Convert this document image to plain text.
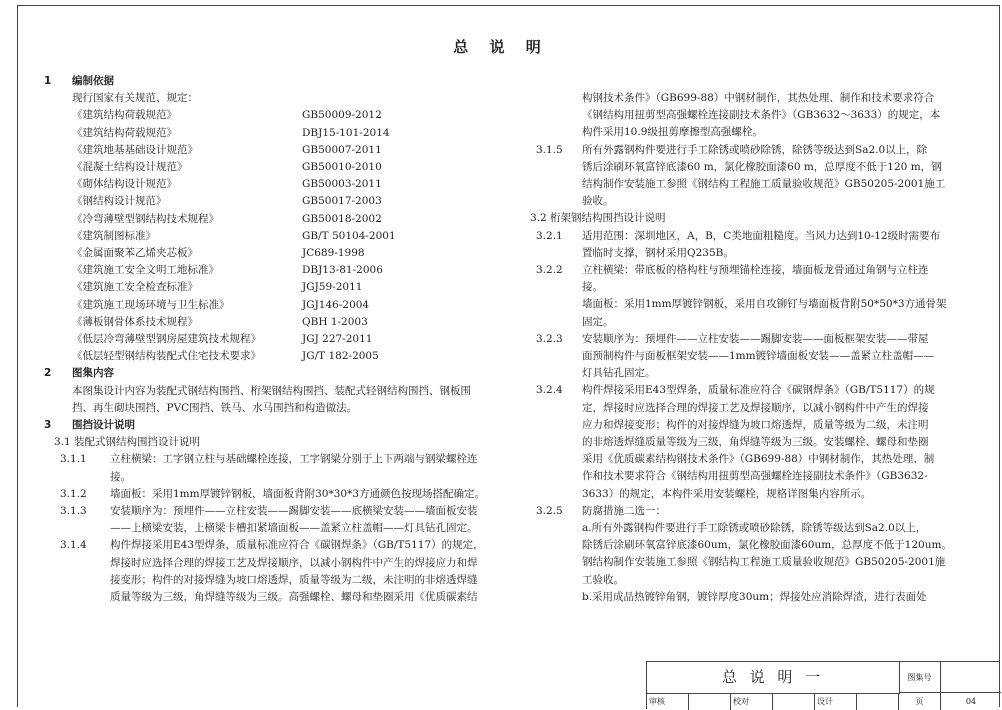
总 说 明
1	编制依据
现行国家有关规范、规定：
《建筑结构荷载规范》	GB50009-2012
《建筑结构荷载规范》	DBJ15-101-2014
《建筑地基基础设计规范》	GB50007-2011
《混凝土结构设计规范》	GB50010-2010
《砌体结构设计规范》	GB50003-2011
《钢结构设计规范》	GB50017-2003
《冷弯薄壁型钢结构技术规程》	GB50018-2002
《建筑制图标准》	GB/T 50104-2001
《金属面聚苯乙烯夹芯板》	JC689-1998
《建筑施工安全文明工地标准》	DBJ13-81-2006
《建筑施工安全检查标准》	JGJ59-2011
《建筑施工现场环境与卫生标准》	JGJ146-2004
《薄板钢骨体系技术规程》	QBH 1-2003
《低层冷弯薄壁型钢房屋建筑技术规程》	JGJ 227-2011
《低层轻型钢结构装配式住宅技术要求》	JG/T 182-2005
2	图集内容
本图集设计内容为装配式钢结构围挡、桁架钢结构围挡、装配式轻钢结构围挡、钢板围
挡、再生砌块围挡、PVC围挡、铁马、水马围挡和构造做法。
3	围挡设计说明
3.1 装配式钢结构围挡设计说明
3.1.1	立柱横梁：工字钢立柱与基础螺栓连接，工字钢梁分别于上下两端与钢梁螺栓连
接。
3.1.2	墙面板：采用1mm厚镀锌钢板，墙面板背附30*30*3方通颜色按现场搭配确定。
3.1.3	安装顺序为：预埋件——立柱安装——踢脚安装——底横梁安装——墙面板安装
——上横梁安装，上横梁卡槽扣紧墙面板——盖紧立柱盖帽——灯具钻孔固定。
3.1.4	构件焊接采用E43型焊条，质量标准应符合《碳钢焊条》（GB/T5117）的规定，
焊接时应选择合理的焊接工艺及焊接顺序，以减小钢构件中产生的焊接应力和焊
接变形；构件的对接焊缝为坡口熔透焊，质量等级为二级，未注明的非熔透焊缝
质量等级为三级，角焊缝等级为三级。高强螺栓、螺母和垫圈采用《优质碳素结
构钢技术条件》（GB699-88）中钢材制作，其热处理、制作和技术要求符合
《钢结构用扭剪型高强螺栓连接副技术条件》（GB3632～3633）的规定，本
构件采用10.9级扭剪摩擦型高强螺栓。
3.1.5	所有外露钢构件要进行手工除锈或喷砂除锈，除锈等级达到Sa2.0以上，除
锈后涂刷环氧富锌底漆60 m，氯化橡胶面漆60 m，总厚度不低于120 m，钢
结构制作安装施工参照《钢结构工程施工质量验收规范》GB50205-2001施工
验收。
3.2 桁架钢结构围挡设计说明
3.2.1	适用范围：深圳地区，A，B，C类地面粗糙度。当风力达到10-12级时需要布
置临时支撑，钢材采用Q235B。
3.2.2	立柱横梁：带底板的格构柱与预埋锚栓连接，墙面板龙骨通过角钢与立柱连
接。
墙面板：采用1mm厚镀锌钢板，采用自攻铆钉与墙面板背附50*50*3方通骨架
固定。
3.2.3	安装顺序为：预埋件——立柱安装——踢脚安装——面板框架安装——带屋
面预制构件与面板框架安装——1mm镀锌墙面板安装——盖紧立柱盖帽——
灯具钻孔固定。
3.2.4	构件焊接采用E43型焊条，质量标准应符合《碳钢焊条》（GB/T5117）的规
定，焊接时应选择合理的焊接工艺及焊接顺序，以减小钢构件中产生的焊接
应力和焊接变形；构件的对接焊缝为坡口熔透焊，质量等级为二级，未注明
的非熔透焊缝质量等级为三级，角焊缝等级为三级。安装螺栓、螺母和垫圈
采用《优质碳素结构钢技术条件》（GB699-88）中钢材制作，其热处理、制
作和技术要求符合《钢结构用扭剪型高强螺栓连接副技术条件》（GB3632-
3633）的规定，本构件采用安装螺栓，规格详图集内容所示。
3.2.5	防腐措施二选一：
a.所有外露钢构件要进行手工除锈或喷砂除锈，除锈等级达到Sa2.0以上，
除锈后涂刷环氧富锌底漆60um，氯化橡胶面漆60um，总厚度不低于120um。
钢结构制作安装施工参照《钢结构工程施工质量验收规范》GB50205-2001施
工验收。
b.采用成品热镀锌角钢，镀锌厚度30um；焊接处应消除焊渣，进行表面处
总 说 明 一	图集号
审核	校对	设计	页	04
